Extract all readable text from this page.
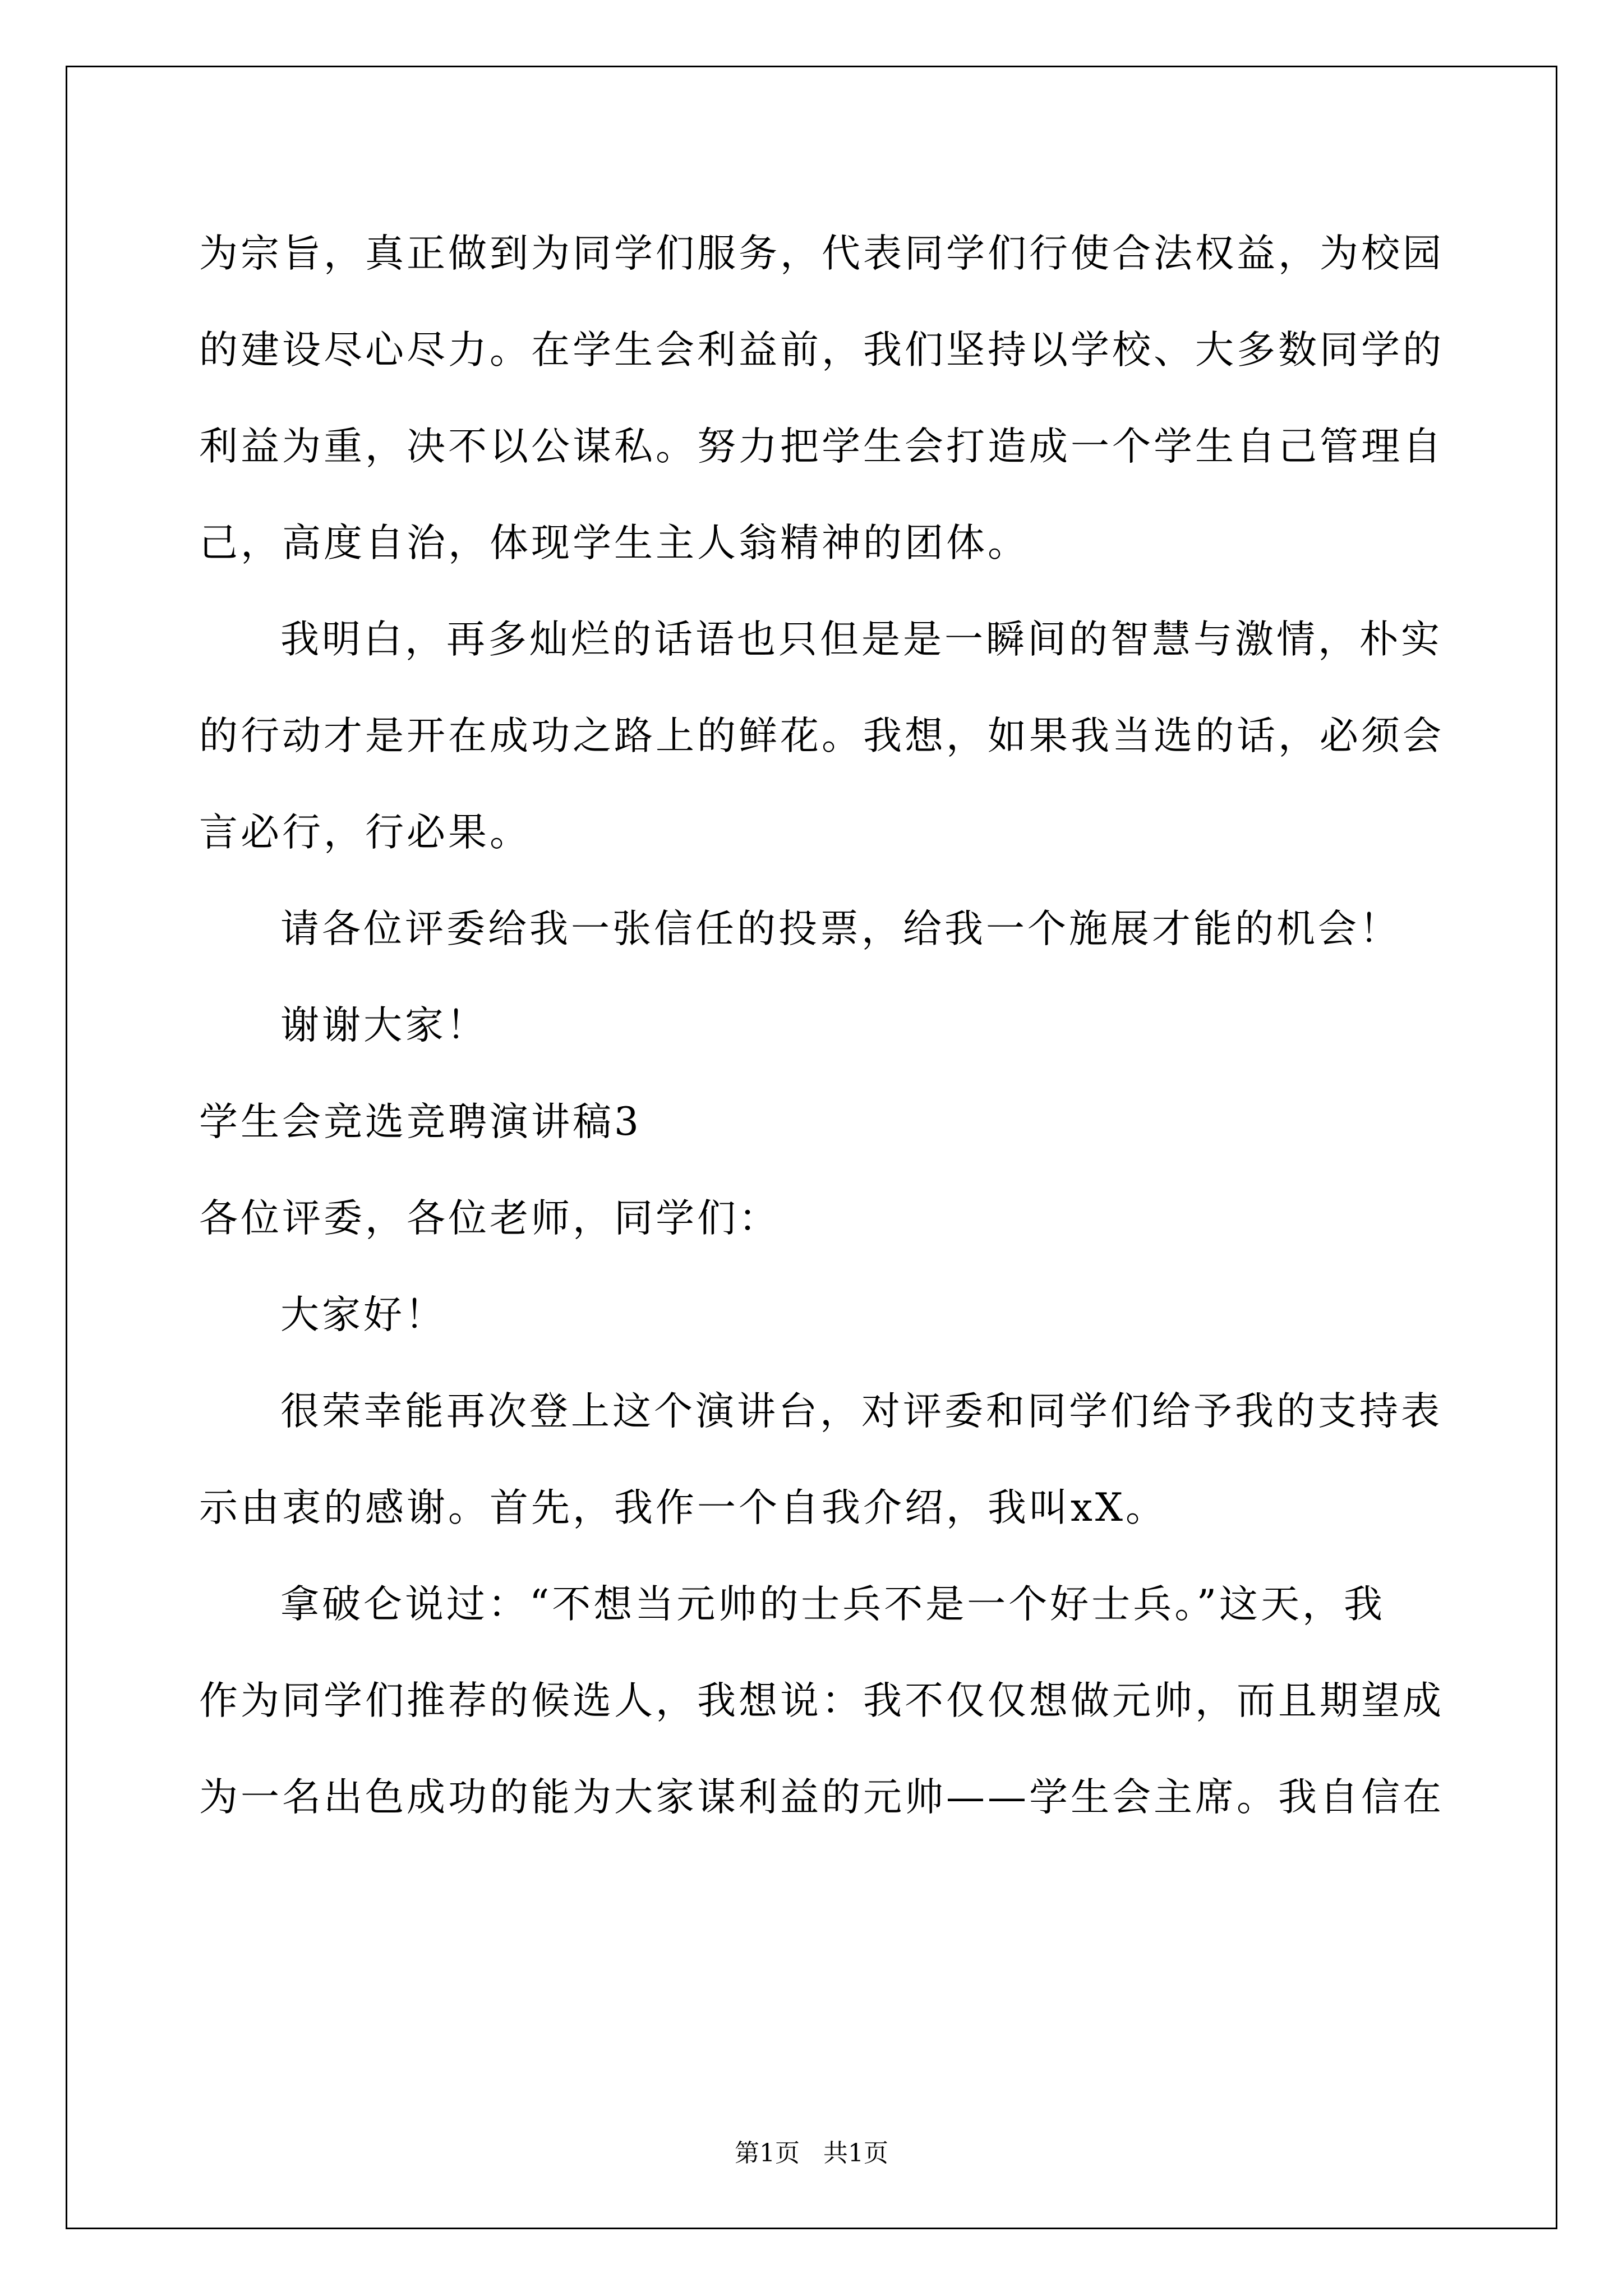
为宗旨，真正做到为同学们服务，代表同学们行使合法权益，为校园
的建设尽心尽力。在学生会利益前，我们坚持以学校、大多数同学的
利益为重，决不以公谋私。努力把学生会打造成一个学生自己管理自
己，高度自治，体现学生主人翁精神的团体。
我明白，再多灿烂的话语也只但是是一瞬间的智慧与激情，朴实
的行动才是开在成功之路上的鲜花。我想，如果我当选的话，必须会
言必行，行必果。
请各位评委给我一张信任的投票，给我一个施展才能的机会！
谢谢大家！
学生会竞选竞聘演讲稿3
各位评委，各位老师，同学们：
大家好！
很荣幸能再次登上这个演讲台，对评委和同学们给予我的支持表
示由衷的感谢。首先，我作一个自我介绍，我叫xX。
拿破仑说过：“不想当元帅的士兵不是一个好士兵。”这天，我
作为同学们推荐的候选人，我想说：我不仅仅想做元帅，而且期望成
为一名出色成功的能为大家谋利益的元帅——学生会主席。我自信在
第1页   共1页
